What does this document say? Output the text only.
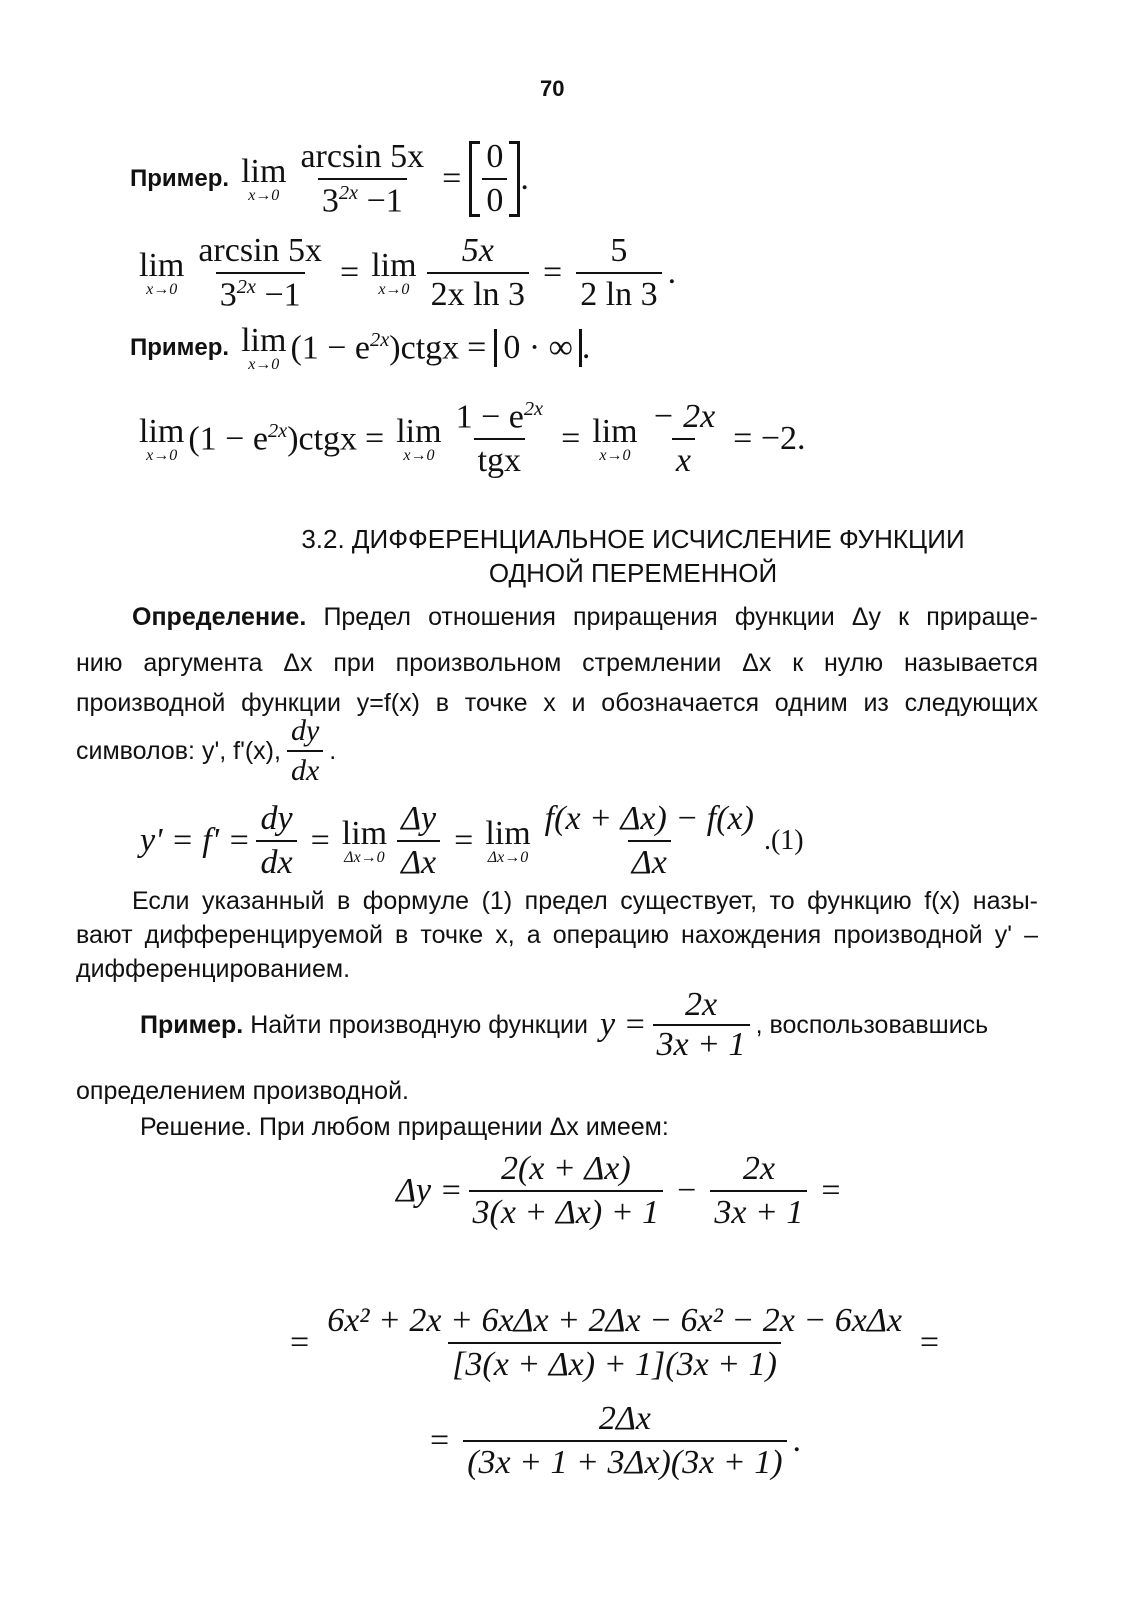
70
Пример. lim
$x\to 0 \frac{\arcsin 5x}{3^{2x} -1} = \frac{0}{0}$ .
lim
$x\to 0 \frac{\arcsin 5x}{3^{2x} -1} = \lim$
$x\to 0 \frac{5x}{\text{2x ln 3}} = \frac{5}{2 \ln 3}$ .
Пример. lim
x→0 $(1 - e^{2x})ctgx = 0$ · ∞ .
lim
x→0 $(1 - e^{2x})ctgx = \lim$
$x\to 0 \frac{1 - e^{2x}}{\text{tgx}} = \lim$
$x\to 0 \frac{- 2x}{x} = -2$.
3.2. ДИФФЕРЕНЦИАЛЬНОЕ ИСЧИСЛЕНИЕ ФУНКЦИИ
ОДНОЙ ПЕРЕМЕННОЙ
Определение. Предел отношения приращения функции Δy к прираще-
нию аргумента Δx при произвольном стремлении Δx к нулю называется
производной функции y=f(x) в точке x и обозначается одним из следующих
символов: y', f'(x), $\frac{dy}{dx}$ .
$y' = f' = \frac{dy}{dx} = \lim$
$\Delta x\to 0 \frac{\Delta y}{\Delta x} = \lim$
$\Delta x\to 0 \frac{f(x + \Delta x) - f(x)}{\Delta x} .(1)$
Если указанный в формуле (1) предел существует, то функцию f(x) назы-
вают дифференцируемой в точке x, а операцию нахождения производной y' –
дифференцированием.
Пример.
Найти производную функции $y = \frac{2x}{3x + 1}$ , воспользовавшись
определением производной.
Решение. При любом приращении Δx имеем:
$\Delta y = \frac{2(x + \Delta x)}{3(x + \Delta x) + 1} - \frac{2x}{3x + 1}$ =
= $\frac{\text{6x² + 2x + 6xΔx + 2Δx − 6x² − 2x − 6xΔx}}{[3(x + \Delta x) + 1](3x + 1)}$ =
= $\frac{2\Delta x}{(3x + 1 + 3\Delta x)(3x + 1)}$ .
